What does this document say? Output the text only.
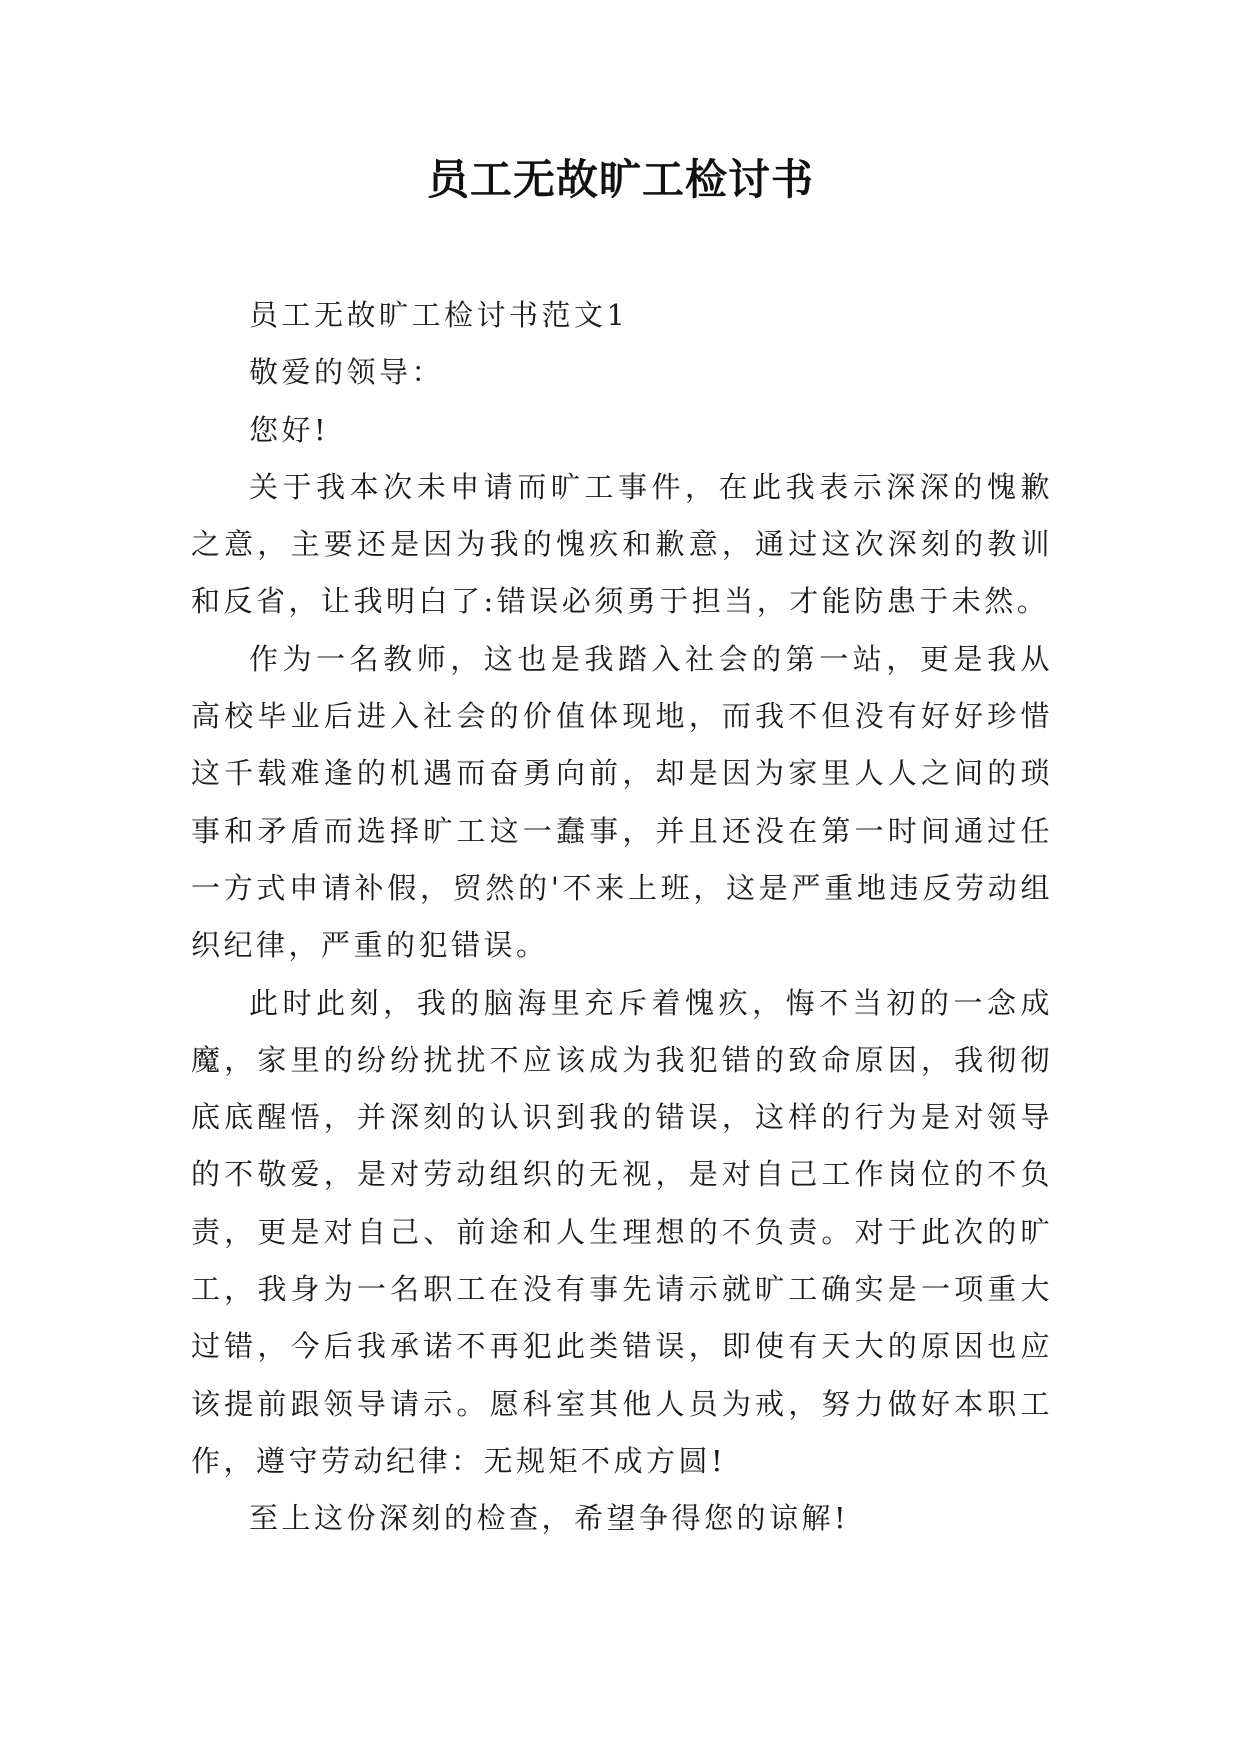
员工无故旷工检讨书

员工无故旷工检讨书范文1

敬爱的领导：

您好!

关于我本次未申请而旷工事件，在此我表示深深的愧歉之意，主要还是因为我的愧疚和歉意，通过这次深刻的教训和反省，让我明白了:错误必须勇于担当，才能防患于未然。

作为一名教师，这也是我踏入社会的第一站，更是我从高校毕业后进入社会的价值体现地，而我不但没有好好珍惜这千载难逢的机遇而奋勇向前，却是因为家里人人之间的琐事和矛盾而选择旷工这一蠢事，并且还没在第一时间通过任一方式申请补假，贸然的'不来上班，这是严重地违反劳动组织纪律，严重的犯错误。

此时此刻，我的脑海里充斥着愧疚，悔不当初的一念成魔，家里的纷纷扰扰不应该成为我犯错的致命原因，我彻彻底底醒悟，并深刻的认识到我的错误，这样的行为是对领导的不敬爱，是对劳动组织的无视，是对自己工作岗位的不负责，更是对自己、前途和人生理想的不负责。对于此次的旷工，我身为一名职工在没有事先请示就旷工确实是一项重大过错，今后我承诺不再犯此类错误，即使有天大的原因也应该提前跟领导请示。愿科室其他人员为戒，努力做好本职工作，遵守劳动纪律：无规矩不成方圆!

至上这份深刻的检查，希望争得您的谅解!
